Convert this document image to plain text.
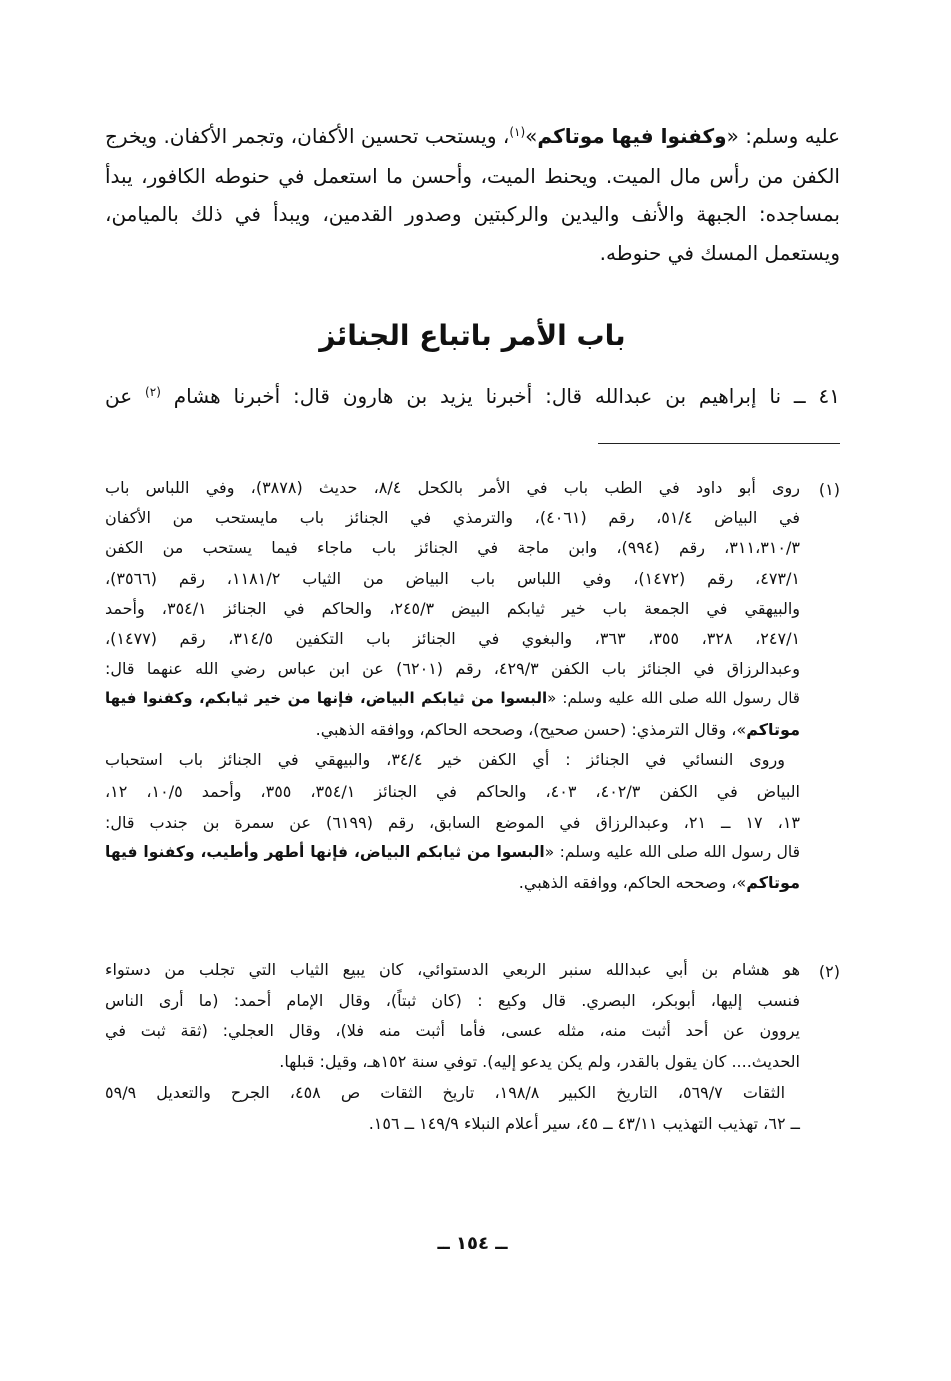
عليه وسلم: «وكفنوا فيها موتاكم»$^{(١)}$، ويستحب تحسين الأكفان، وتجمر الأكفان. ويخرج
الكفن من رأس مال الميت. ويحنط الميت، وأحسن ما استعمل في حنوطه الكافور، يبدأ
بمساجده: الجبهة والأنف واليدين والركبتين وصدور القدمين، ويبدأ في ذلك بالميامن،
ويستعمل المسك في حنوطه.
باب الأمر باتباع الجنائز
٤١ ــ نا إبراهيم بن عبدالله قال: أخبرنا يزيد بن هارون قال: أخبرنا هشام $^{(٢)}$ عن
(١)
روى أبو داود في الطب باب في الأمر بالكحل ٨/٤، حديث (٣٨٧٨)، وفي اللباس باب
في البياض ٥١/٤، رقم (٤٠٦١)، والترمذي في الجنائز باب مايستحب من الأكفان
٣١١،٣١٠/٣، رقم (٩٩٤)، وابن ماجة في الجنائز باب ماجاء فيما يستحب من الكفن
٤٧٣/١، رقم (١٤٧٢)، وفي اللباس باب البياض من الثياب ١١٨١/٢، رقم (٣٥٦٦)،
والبيهقي في الجمعة باب خير ثيابكم البيض ٢٤٥/٣، والحاكم في الجنائز ٣٥٤/١، وأحمد
٢٤٧/١، ٣٢٨، ٣٥٥، ٣٦٣، والبغوي في الجنائز باب التكفين ٣١٤/٥، رقم (١٤٧٧)،
وعبدالرزاق في الجنائز باب الكفن ٤٢٩/٣، رقم (٦٢٠١) عن ابن عباس رضي الله عنهما قال:
قال رسول الله صلى الله عليه وسلم: «البسوا من ثيابكم البياض، فإنها من خير ثيابكم، وكفنوا فيها
موتاكم»، وقال الترمذي: (حسن صحيح)، وصححه الحاكم، ووافقه الذهبي.
وروى النسائي في الجنائز : أي الكفن خير ٣٤/٤، والبيهقي في الجنائز باب استحباب
البياض في الكفن ٤٠٢/٣، ٤٠٣، والحاكم في الجنائز ٣٥٤/١، ٣٥٥، وأحمد ١٠/٥، ١٢،
١٣، ١٧ ــ ٢١، وعبدالرزاق في الموضع السابق، رقم (٦١٩٩) عن سمرة بن جندب قال:
قال رسول الله صلى الله عليه وسلم: «البسوا من ثيابكم البياض، فإنها أطهر وأطيب، وكفنوا فيها
موتاكم»، وصححه الحاكم، ووافقه الذهبي.
(٢)
هو هشام بن أبي عبدالله سنبر الربعي الدستوائي، كان يبيع الثياب التي تجلب من دستواء
فنسب إليها، أبوبكر، البصري. قال وكيع : (كان ثبتاً)، وقال الإمام أحمد: (ما أرى الناس
يروون عن أحد أثبت منه، مثله عسى، فأما أثبت منه فلا)، وقال العجلي: (ثقة ثبت في
الحديث.... كان يقول بالقدر، ولم يكن يدعو إليه). توفي سنة ١٥٢هـ، وقيل: قبلها.
الثقات ٥٦٩/٧، التاريخ الكبير ١٩٨/٨، تاريخ الثقات ص ٤٥٨، الجرح والتعديل ٥٩/٩
ــ ٦٢، تهذيب التهذيب ٤٣/١١ ــ ٤٥، سير أعلام النبلاء ١٤٩/٩ ــ ١٥٦.
ــ ١٥٤ ــ
